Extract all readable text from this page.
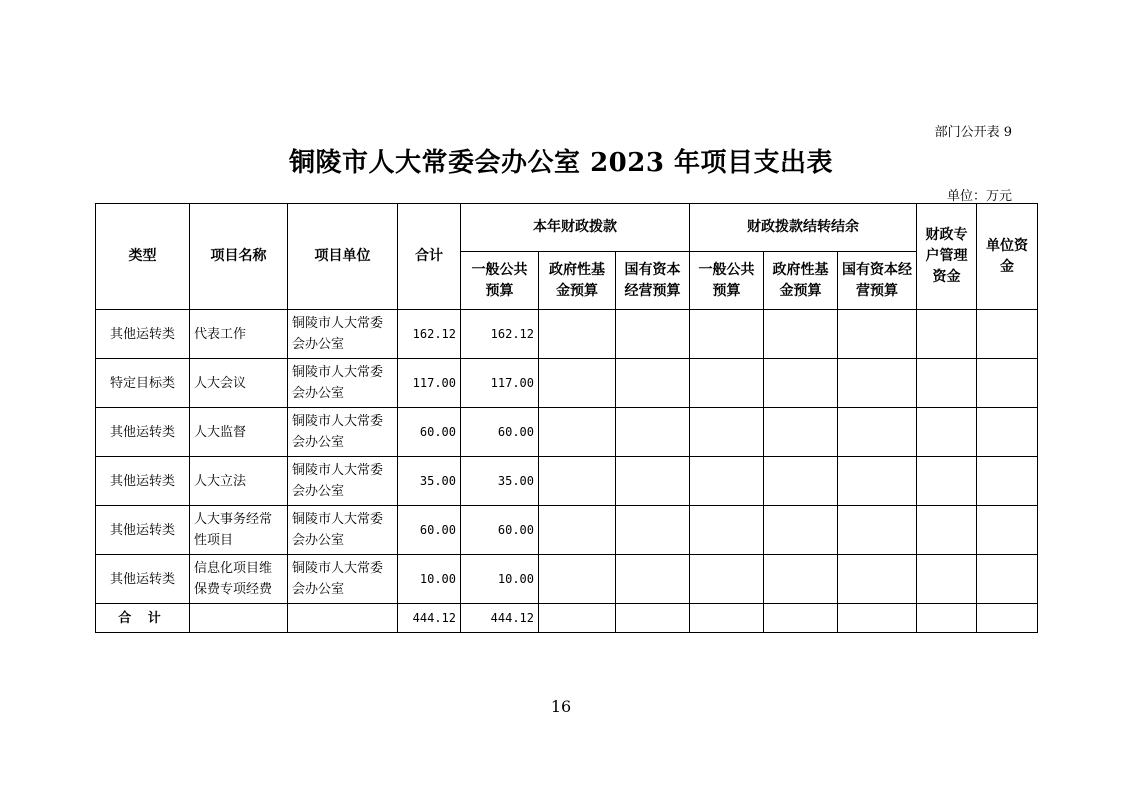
部门公开表 9
铜陵市人大常委会办公室 2023 年项目支出表
单位：万元
类型	项目名称	项目单位	合计	本年财政拨款			财政拨款结转结余			财政专户管理资金	单位资金
				一般公共预算	政府性基金预算	国有资本经营预算	一般公共预算	政府性基金预算	国有资本经营预算		
其他运转类	代表工作	铜陵市人大常委会办公室	162.12	162.12							
特定目标类	人大会议	铜陵市人大常委会办公室	117.00	117.00							
其他运转类	人大监督	铜陵市人大常委会办公室	60.00	60.00							
其他运转类	人大立法	铜陵市人大常委会办公室	35.00	35.00							
其他运转类	人大事务经常性项目	铜陵市人大常委会办公室	60.00	60.00							
其他运转类	信息化项目维保费专项经费	铜陵市人大常委会办公室	10.00	10.00							
合 计			444.12	444.12							
16
